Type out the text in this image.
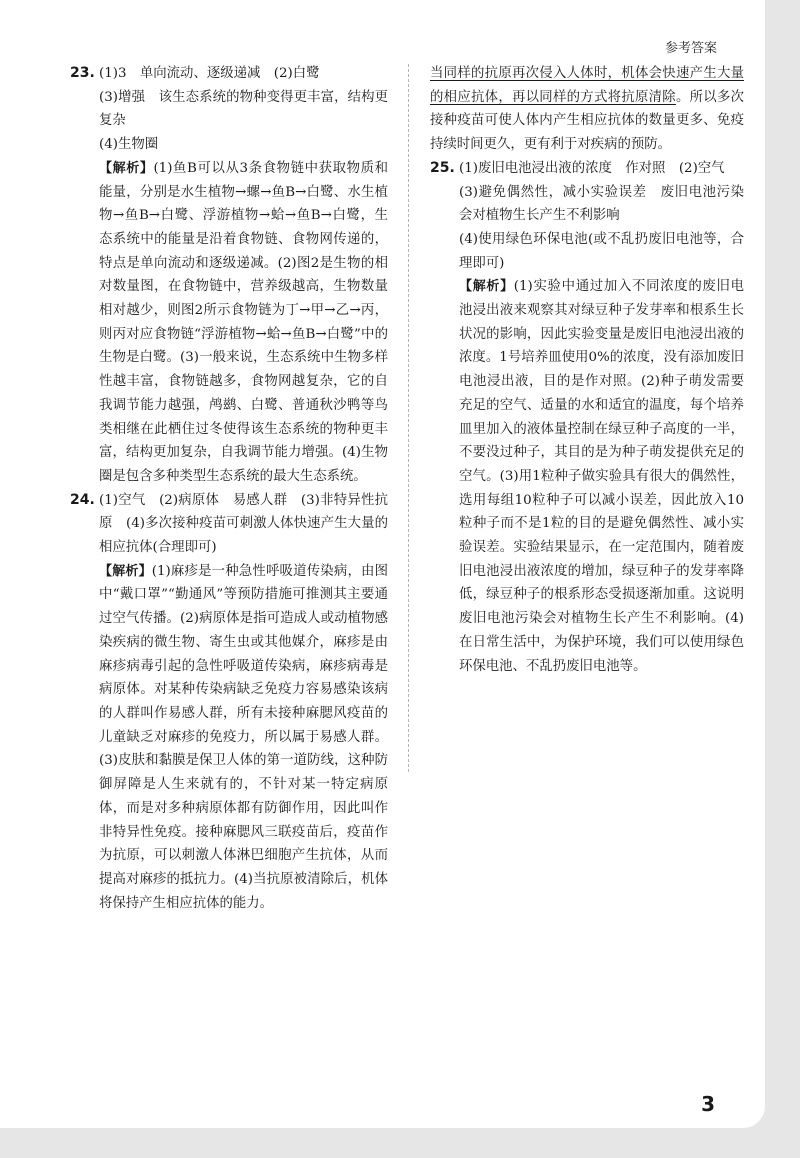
参考答案
23. (1)3　单向流动、逐级递减　(2)白鹭
(3)增强　该生态系统的物种变得更丰富，结构更复杂
(4)生物圈
【解析】(1)鱼B可以从3条食物链中获取物质和能量，分别是水生植物→螺→鱼B→白鹭、水生植物→鱼B→白鹭、浮游植物→蛤→鱼B→白鹭，生态系统中的能量是沿着食物链、食物网传递的，特点是单向流动和逐级递减。(2)图2是生物的相对数量图，在食物链中，营养级越高，生物数量相对越少，则图2所示食物链为丁→甲→乙→丙，则丙对应食物链“浮游植物→蛤→鱼B→白鹭”中的生物是白鹭。(3)一般来说，生态系统中生物多样性越丰富，食物链越多，食物网越复杂，它的自我调节能力越强，鸬鹚、白鹭、普通秋沙鸭等鸟类相继在此栖住过冬使得该生态系统的物种更丰富，结构更加复杂，自我调节能力增强。(4)生物圈是包含多种类型生态系统的最大生态系统。
24. (1)空气　(2)病原体　易感人群　(3)非特异性抗原　(4)多次接种疫苗可刺激人体快速产生大量的相应抗体(合理即可)
【解析】(1)麻疹是一种急性呼吸道传染病，由图中“戴口罩”“勤通风”等预防措施可推测其主要通过空气传播。(2)病原体是指可造成人或动植物感染疾病的微生物、寄生虫或其他媒介，麻疹是由麻疹病毒引起的急性呼吸道传染病，麻疹病毒是病原体。对某种传染病缺乏免疫力容易感染该病的人群叫作易感人群，所有未接种麻腮风疫苗的儿童缺乏对麻疹的免疫力，所以属于易感人群。(3)皮肤和黏膜是保卫人体的第一道防线，这种防御屏障是人生来就有的，不针对某一特定病原体，而是对多种病原体都有防御作用，因此叫作非特异性免疫。接种麻腮风三联疫苗后，疫苗作为抗原，可以刺激人体淋巴细胞产生抗体，从而提高对麻疹的抵抗力。(4)当抗原被清除后，机体将保持产生相应抗体的能力。
当同样的抗原再次侵入人体时，机体会快速产生大量的相应抗体，再以同样的方式将抗原清除。所以多次接种疫苗可使人体内产生相应抗体的数量更多、免疫持续时间更久，更有利于对疾病的预防。
25. (1)废旧电池浸出液的浓度　作对照　(2)空气
(3)避免偶然性，减小实验误差　废旧电池污染会对植物生长产生不利影响
(4)使用绿色环保电池(或不乱扔废旧电池等，合理即可)
【解析】(1)实验中通过加入不同浓度的废旧电池浸出液来观察其对绿豆种子发芽率和根系生长状况的影响，因此实验变量是废旧电池浸出液的浓度。1号培养皿使用0%的浓度，没有添加废旧电池浸出液，目的是作对照。(2)种子萌发需要充足的空气、适量的水和适宜的温度，每个培养皿里加入的液体量控制在绿豆种子高度的一半，不要没过种子，其目的是为种子萌发提供充足的空气。(3)用1粒种子做实验具有很大的偶然性，选用每组10粒种子可以减小误差，因此放入10粒种子而不是1粒的目的是避免偶然性、减小实验误差。实验结果显示，在一定范围内，随着废旧电池浸出液浓度的增加，绿豆种子的发芽率降低，绿豆种子的根系形态受损逐渐加重。这说明废旧电池污染会对植物生长产生不利影响。(4)在日常生活中，为保护环境，我们可以使用绿色环保电池、不乱扔废旧电池等。
3
